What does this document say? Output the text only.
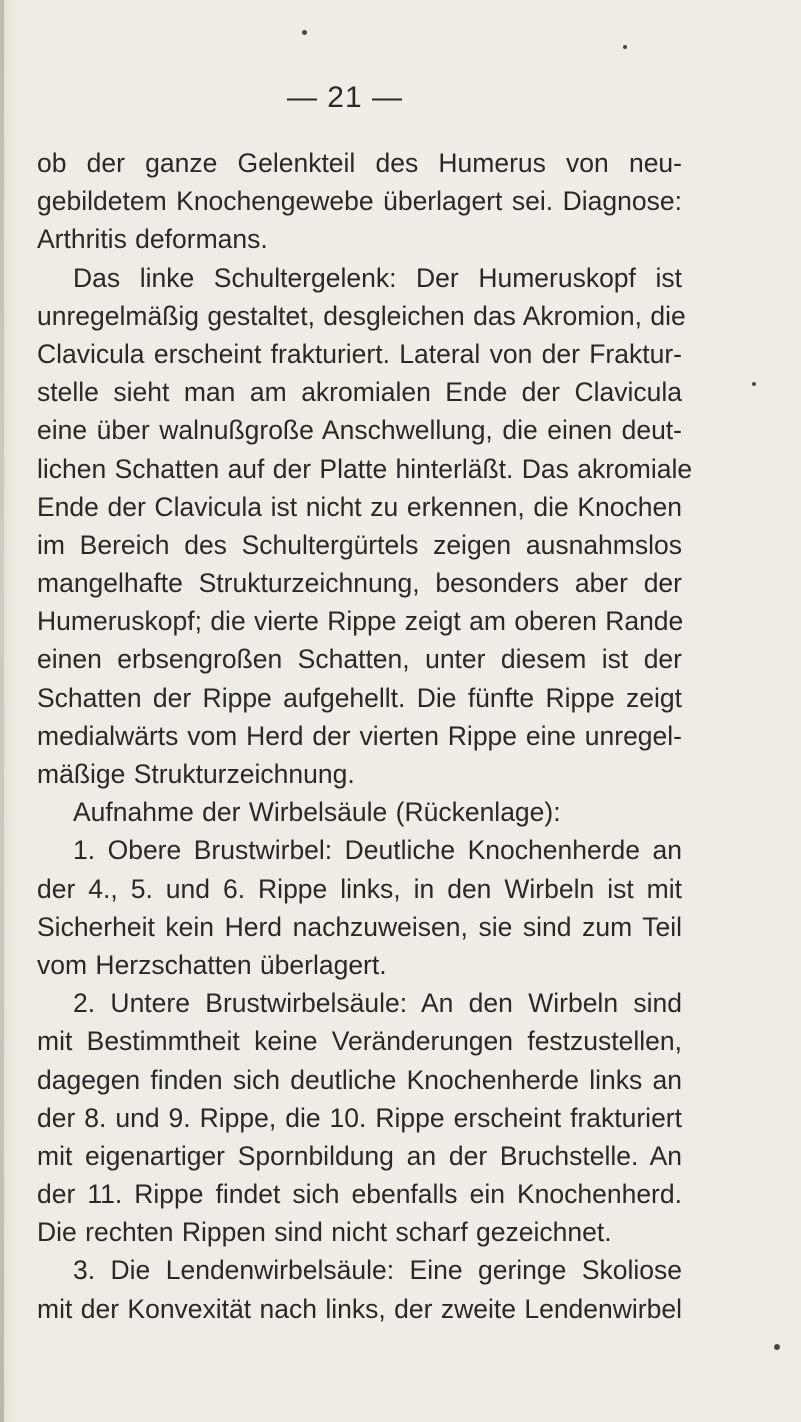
— 21 —
ob der ganze Gelenkteil des Humerus von neu-
gebildetem Knochengewebe überlagert sei. Diagnose:
Arthritis deformans.
Das linke Schultergelenk: Der Humeruskopf ist
unregelmäßig gestaltet, desgleichen das Akromion, die
Clavicula erscheint frakturiert. Lateral von der Fraktur-
stelle sieht man am akromialen Ende der Clavicula
eine über walnußgroße Anschwellung, die einen deut-
lichen Schatten auf der Platte hinterläßt. Das akromiale
Ende der Clavicula ist nicht zu erkennen, die Knochen
im Bereich des Schultergürtels zeigen ausnahmslos
mangelhafte Strukturzeichnung, besonders aber der
Humeruskopf; die vierte Rippe zeigt am oberen Rande
einen erbsengroßen Schatten, unter diesem ist der
Schatten der Rippe aufgehellt. Die fünfte Rippe zeigt
medialwärts vom Herd der vierten Rippe eine unregel-
mäßige Strukturzeichnung.
Aufnahme der Wirbelsäule (Rückenlage):
1. Obere Brustwirbel: Deutliche Knochenherde an
der 4., 5. und 6. Rippe links, in den Wirbeln ist mit
Sicherheit kein Herd nachzuweisen, sie sind zum Teil
vom Herzschatten überlagert.
2. Untere Brustwirbelsäule: An den Wirbeln sind
mit Bestimmtheit keine Veränderungen festzustellen,
dagegen finden sich deutliche Knochenherde links an
der 8. und 9. Rippe, die 10. Rippe erscheint frakturiert
mit eigenartiger Spornbildung an der Bruchstelle. An
der 11. Rippe findet sich ebenfalls ein Knochenherd.
Die rechten Rippen sind nicht scharf gezeichnet.
3. Die Lendenwirbelsäule: Eine geringe Skoliose
mit der Konvexität nach links, der zweite Lendenwirbel
